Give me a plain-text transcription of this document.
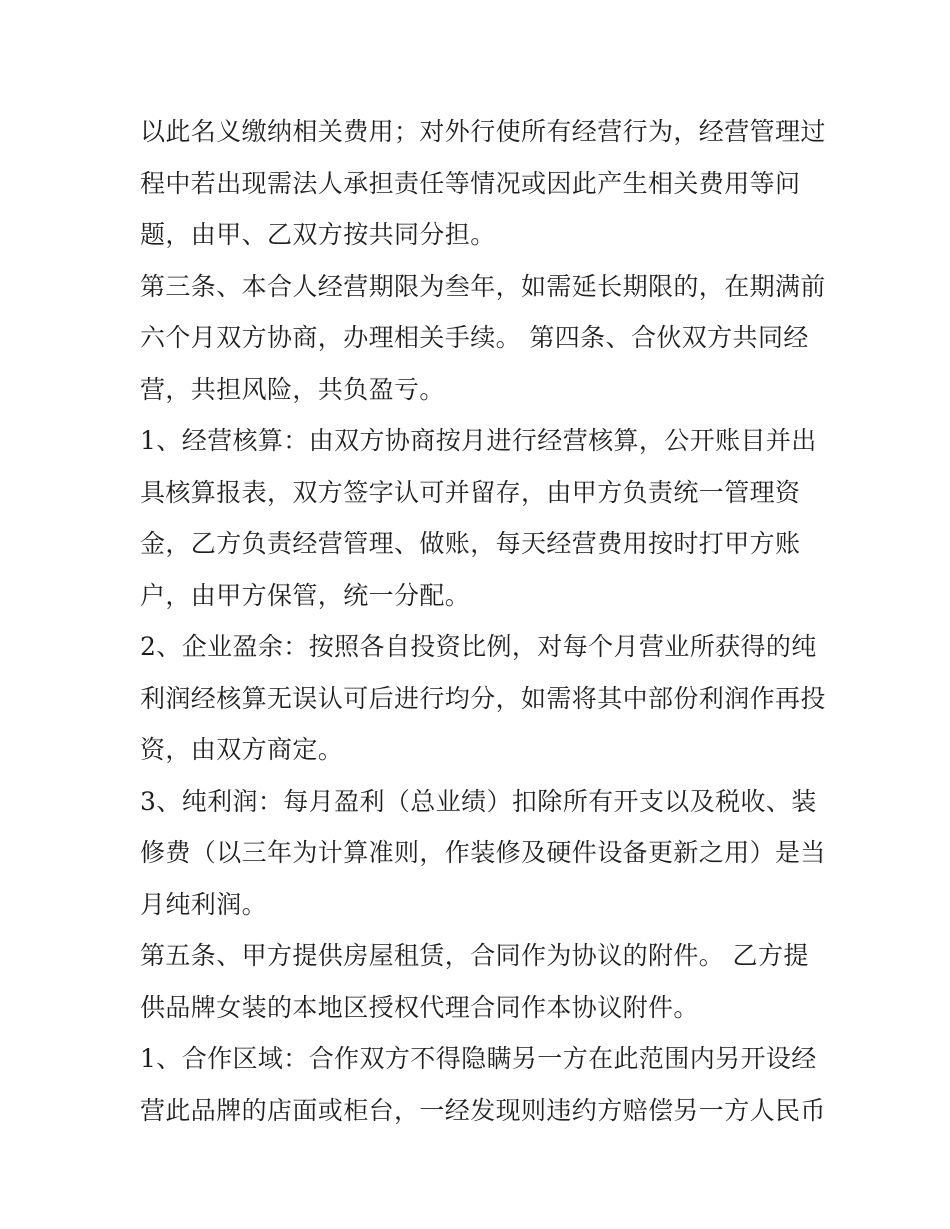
以此名义缴纳相关费用；对外行使所有经营行为，经营管理过
程中若出现需法人承担责任等情况或因此产生相关费用等问
题，由甲、乙双方按共同分担。
第三条、本合人经营期限为叁年，如需延长期限的，在期满前
六个月双方协商，办理相关手续。 第四条、合伙双方共同经
营，共担风险，共负盈亏。
1、经营核算：由双方协商按月进行经营核算，公开账目并出
具核算报表，双方签字认可并留存，由甲方负责统一管理资
金，乙方负责经营管理、做账，每天经营费用按时打甲方账
户，由甲方保管，统一分配。
2、企业盈余：按照各自投资比例，对每个月营业所获得的纯
利润经核算无误认可后进行均分，如需将其中部份利润作再投
资，由双方商定。
3、纯利润：每月盈利（总业绩）扣除所有开支以及税收、装
修费（以三年为计算准则，作装修及硬件设备更新之用）是当
月纯利润。
第五条、甲方提供房屋租赁，合同作为协议的附件。 乙方提
供品牌女装的本地区授权代理合同作本协议附件。
1、合作区域：合作双方不得隐瞒另一方在此范围内另开设经
营此品牌的店面或柜台，一经发现则违约方赔偿另一方人民币
